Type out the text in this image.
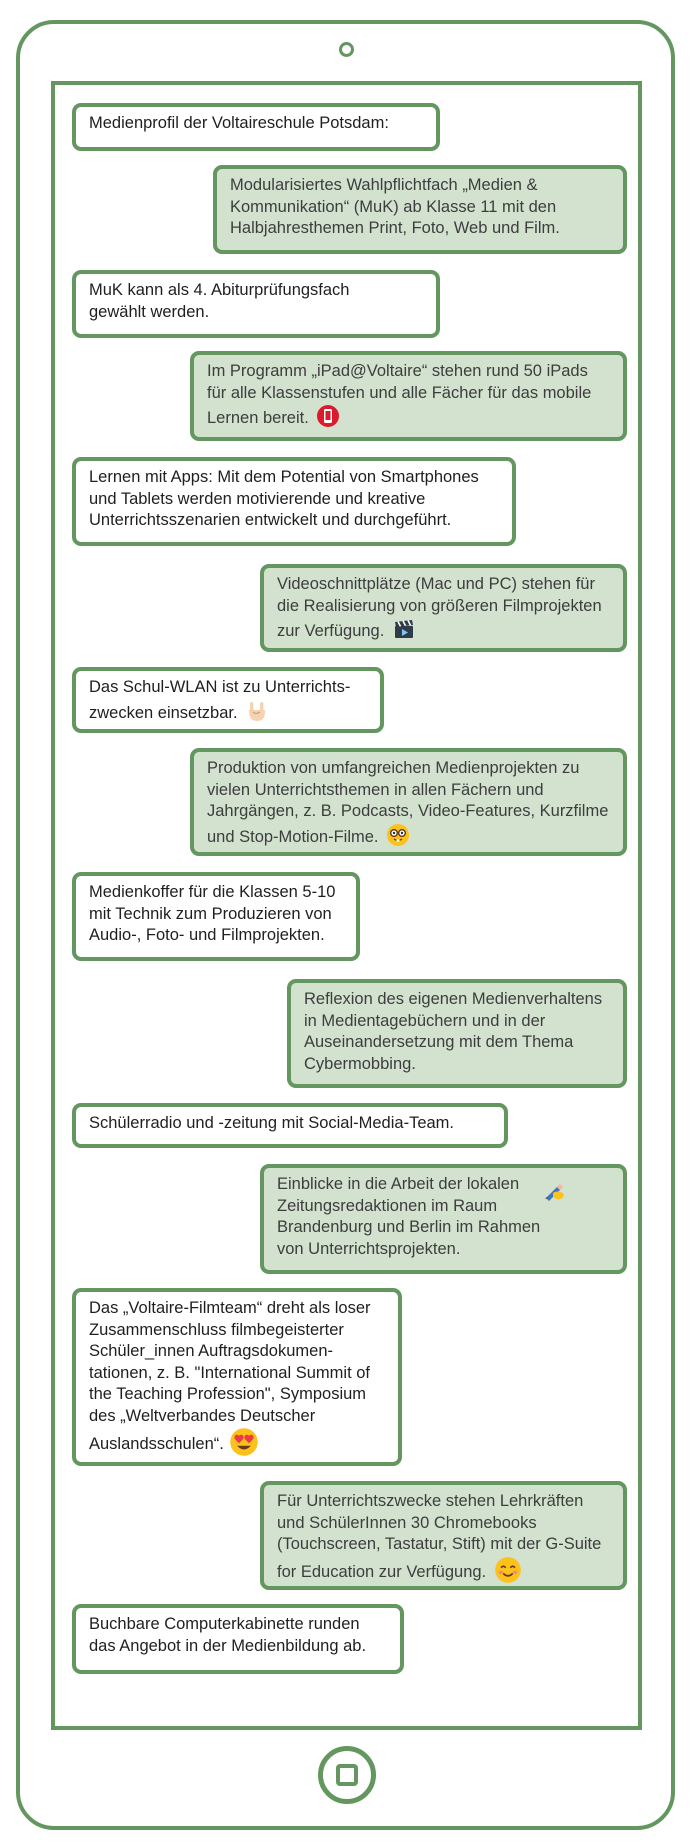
Medienprofil der Voltaireschule Potsdam:
Modularisiertes Wahlpflichtfach „Medien & Kommunikation“ (MuK) ab Klasse 11 mit den Halbjahresthemen Print, Foto, Web und Film.
MuK kann als 4. Abiturprüfungsfach gewählt werden.
Im Programm „iPad@Voltaire“ stehen rund 50 iPads für alle Klassenstufen und alle Fächer für das mobile Lernen bereit.
Lernen mit Apps: Mit dem Potential von Smartphones und Tablets werden motivierende und kreative Unterrichtsszenarien entwickelt und durchgeführt.
Videoschnittplätze (Mac und PC) stehen für die Realisierung von größeren Filmprojekten zur Verfügung.
Das Schul-WLAN ist zu Unterrichts-zwecken einsetzbar.
Produktion von umfangreichen Medienprojekten zu vielen Unterrichtsthemen in allen Fächern und Jahrgängen, z. B. Podcasts, Video-Features, Kurzfilme und Stop-Motion-Filme.
Medienkoffer für die Klassen 5-10 mit Technik zum Produzieren von Audio-, Foto- und Filmprojekten.
Reflexion des eigenen Medienverhaltens in Medientagebüchern und in der Auseinandersetzung mit dem Thema Cybermobbing.
Schülerradio und -zeitung mit Social-Media-Team.
Einblicke in die Arbeit der lokalen Zeitungsredaktionen im Raum Brandenburg und Berlin im Rahmen von Unterrichtsprojekten.
Das „Voltaire-Filmteam“ dreht als loser Zusammenschluss filmbegeisterter Schüler_innen Auftragsdokumen-tationen, z. B. "International Summit of the Teaching Profession", Symposium des „Weltverbandes Deutscher Auslandsschulen“.
Für Unterrichtszwecke stehen Lehrkräften und SchülerInnen 30 Chromebooks (Touchscreen, Tastatur, Stift) mit der G-Suite for Education zur Verfügung.
Buchbare Computerkabinette runden das Angebot in der Medienbildung ab.
